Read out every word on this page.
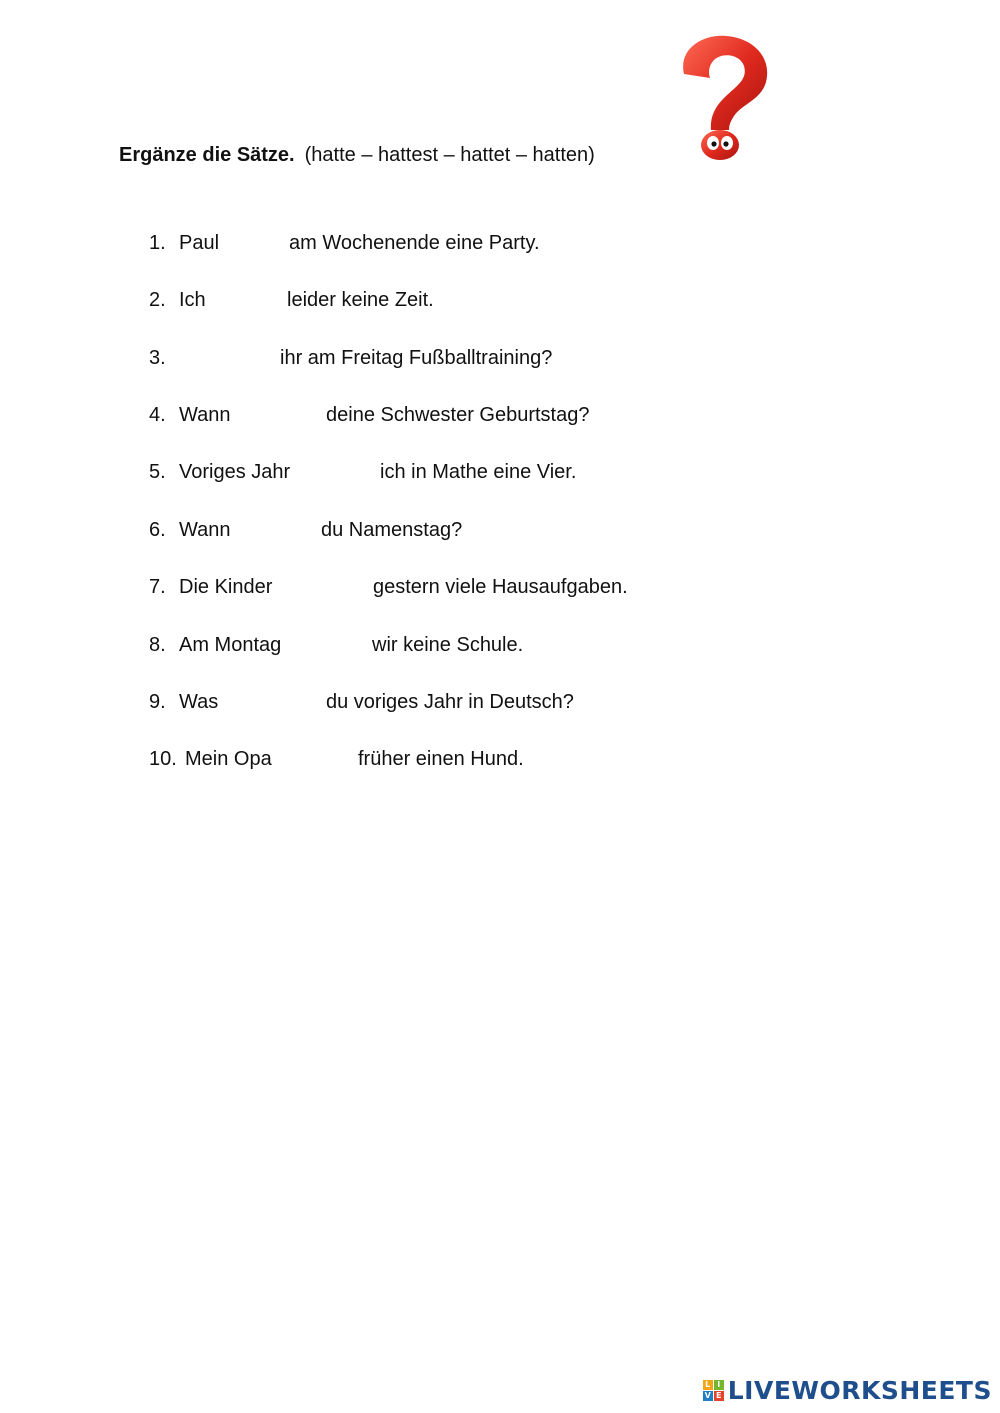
Ergänze die Sätze. (hatte – hattest – hattet – hatten)
1. Paul	am Wochenende eine Party.
2. Ich	leider keine Zeit.
3.	ihr am Freitag Fußballtraining?
4. Wann	deine Schwester Geburtstag?
5. Voriges Jahr	ich in Mathe eine Vier.
6. Wann	du Namenstag?
7. Die Kinder	gestern viele Hausaufgaben.
8. Am Montag	wir keine Schule.
9. Was	du voriges Jahr in Deutsch?
10. Mein Opa	früher einen Hund.
L I
V E LIVEWORKSHEETS
